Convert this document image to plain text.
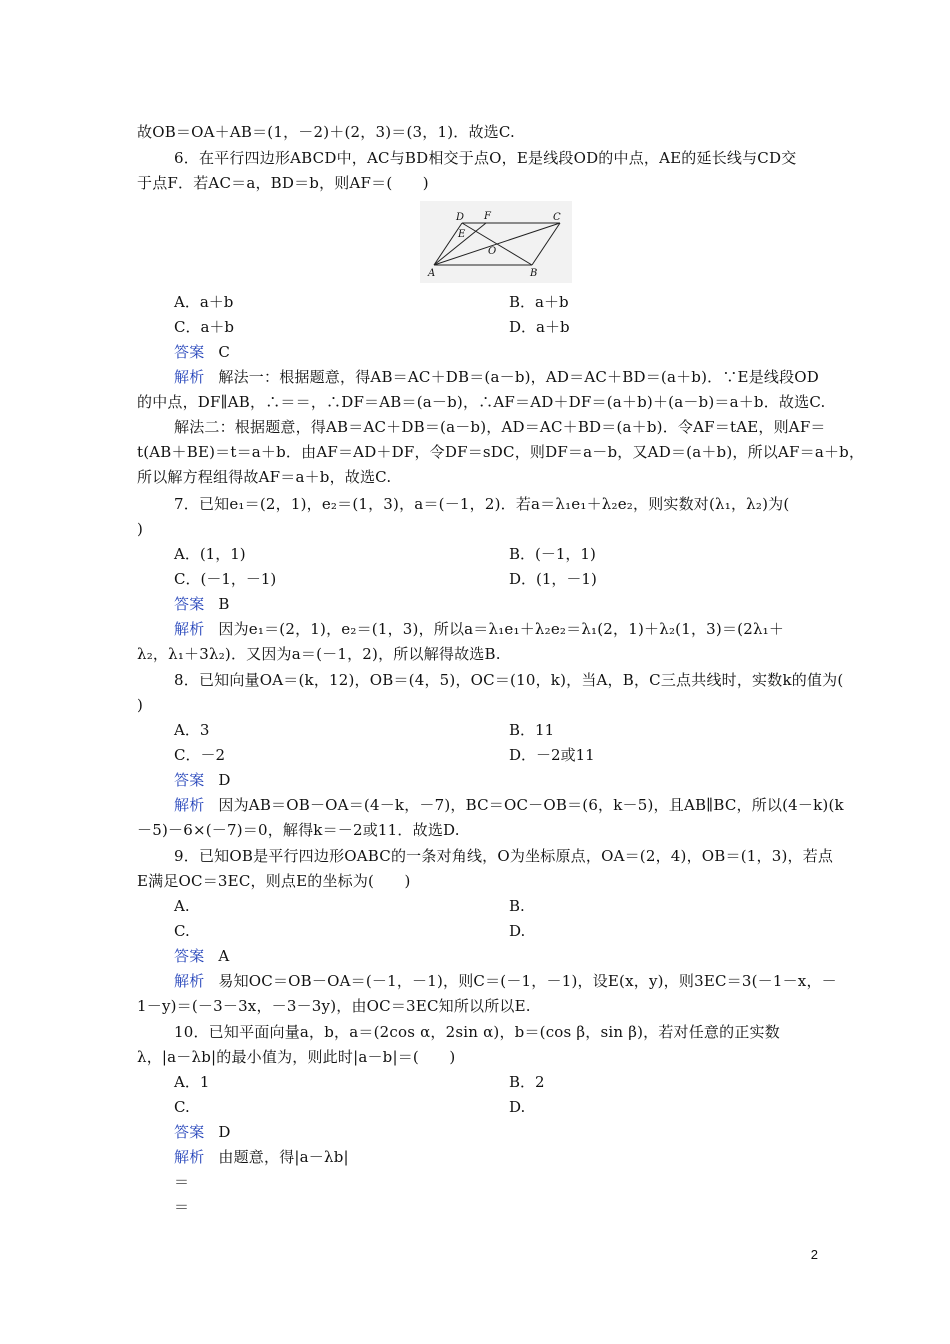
故OB＝OA＋AB＝(1，－2)＋(2，3)＝(3，1)．故选C.
6．在平行四边形ABCD中，AC与BD相交于点O，E是线段OD的中点，AE的延长线与CD交
于点F．若AC＝a，BD＝b，则AF＝(　　)
D F	C
E
O
A	B
A．a＋b	B．a＋b
C．a＋b	D．a＋b
答案 C
解析 解法一：根据题意，得AB＝AC＋DB＝(a－b)，AD＝AC＋BD＝(a＋b)．∵E是线段OD
的中点，DF∥AB，∴＝＝，∴DF＝AB＝(a－b)，∴AF＝AD＋DF＝(a＋b)＋(a－b)＝a＋b．故选C.
解法二：根据题意，得AB＝AC＋DB＝(a－b)，AD＝AC＋BD＝(a＋b)．令AF＝tAE，则AF＝
t(AB＋BE)＝t＝a＋b．由AF＝AD＋DF，令DF＝sDC，则DF＝a－b，又AD＝(a＋b)，所以AF＝a＋b，
所以解方程组得故AF＝a＋b，故选C.
7．已知e₁＝(2，1)，e₂＝(1，3)，a＝(－1，2)．若a＝λ₁e₁＋λ₂e₂，则实数对(λ₁，λ₂)为(
)
A．(1，1)	B．(－1，1)
C．(－1，－1)	D．(1，－1)
答案 B
解析 因为e₁＝(2，1)，e₂＝(1，3)，所以a＝λ₁e₁＋λ₂e₂＝λ₁(2，1)＋λ₂(1，3)＝(2λ₁＋
λ₂，λ₁＋3λ₂)．又因为a＝(－1，2)，所以解得故选B.
8．已知向量OA＝(k，12)，OB＝(4，5)，OC＝(10，k)，当A，B，C三点共线时，实数k的值为(
)
A．3	B．11
C．－2	D．－2或11
答案 D
解析 因为AB＝OB－OA＝(4－k，－7)，BC＝OC－OB＝(6，k－5)，且AB∥BC，所以(4－k)(k
－5)－6×(－7)＝0，解得k＝－2或11．故选D.
9．已知OB是平行四边形OABC的一条对角线，O为坐标原点，OA＝(2，4)，OB＝(1，3)，若点
E满足OC＝3EC，则点E的坐标为(　　)
A.	B.
C.	D.
答案 A
解析 易知OC＝OB－OA＝(－1，－1)，则C＝(－1，－1)，设E(x，y)，则3EC＝3(－1－x，－
1－y)＝(－3－3x，－3－3y)，由OC＝3EC知所以所以E.
10．已知平面向量a，b，a＝(2cos α，2sin α)，b＝(cos β，sin β)，若对任意的正实数
λ，|a－λb|的最小值为，则此时|a－b|＝(　　)
A．1	B．2
C.	D.
答案 D
解析 由题意，得|a－λb|
＝
＝
2
